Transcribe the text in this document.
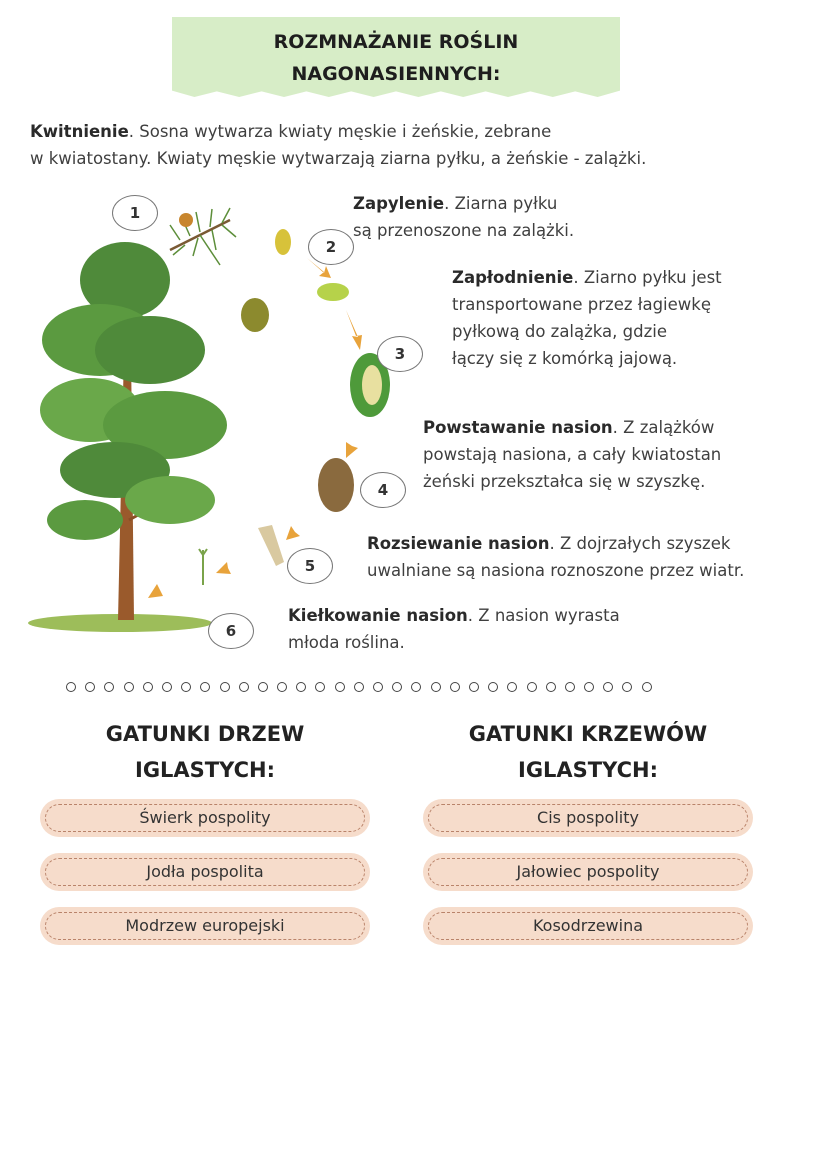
ROZMNAŻANIE ROŚLIN
NAGONASIENNYCH:
Kwitnienie. Sosna wytwarza kwiaty męskie i żeńskie, zebrane
w kwiatostany. Kwiaty męskie wytwarzają ziarna pyłku, a żeńskie - zalążki.
1
2
3
4
5
6
Zapylenie. Ziarna pyłku
są przenoszone na zalążki.
Zapłodnienie. Ziarno pyłku jest
transportowane przez łagiewkę
pyłkową do zalążka, gdzie
łączy się z komórką jajową.
Powstawanie nasion. Z zalążków
powstają nasiona, a cały kwiatostan
żeński przekształca się w szyszkę.
Rozsiewanie nasion. Z dojrzałych szyszek
uwalniane są nasiona roznoszone przez wiatr.
Kiełkowanie nasion. Z nasion wyrasta
młoda roślina.
GATUNKI DRZEW
IGLASTYCH:
Świerk pospolity
Jodła pospolita
Modrzew europejski
GATUNKI KRZEWÓW
IGLASTYCH:
Cis pospolity
Jałowiec pospolity
Kosodrzewina
